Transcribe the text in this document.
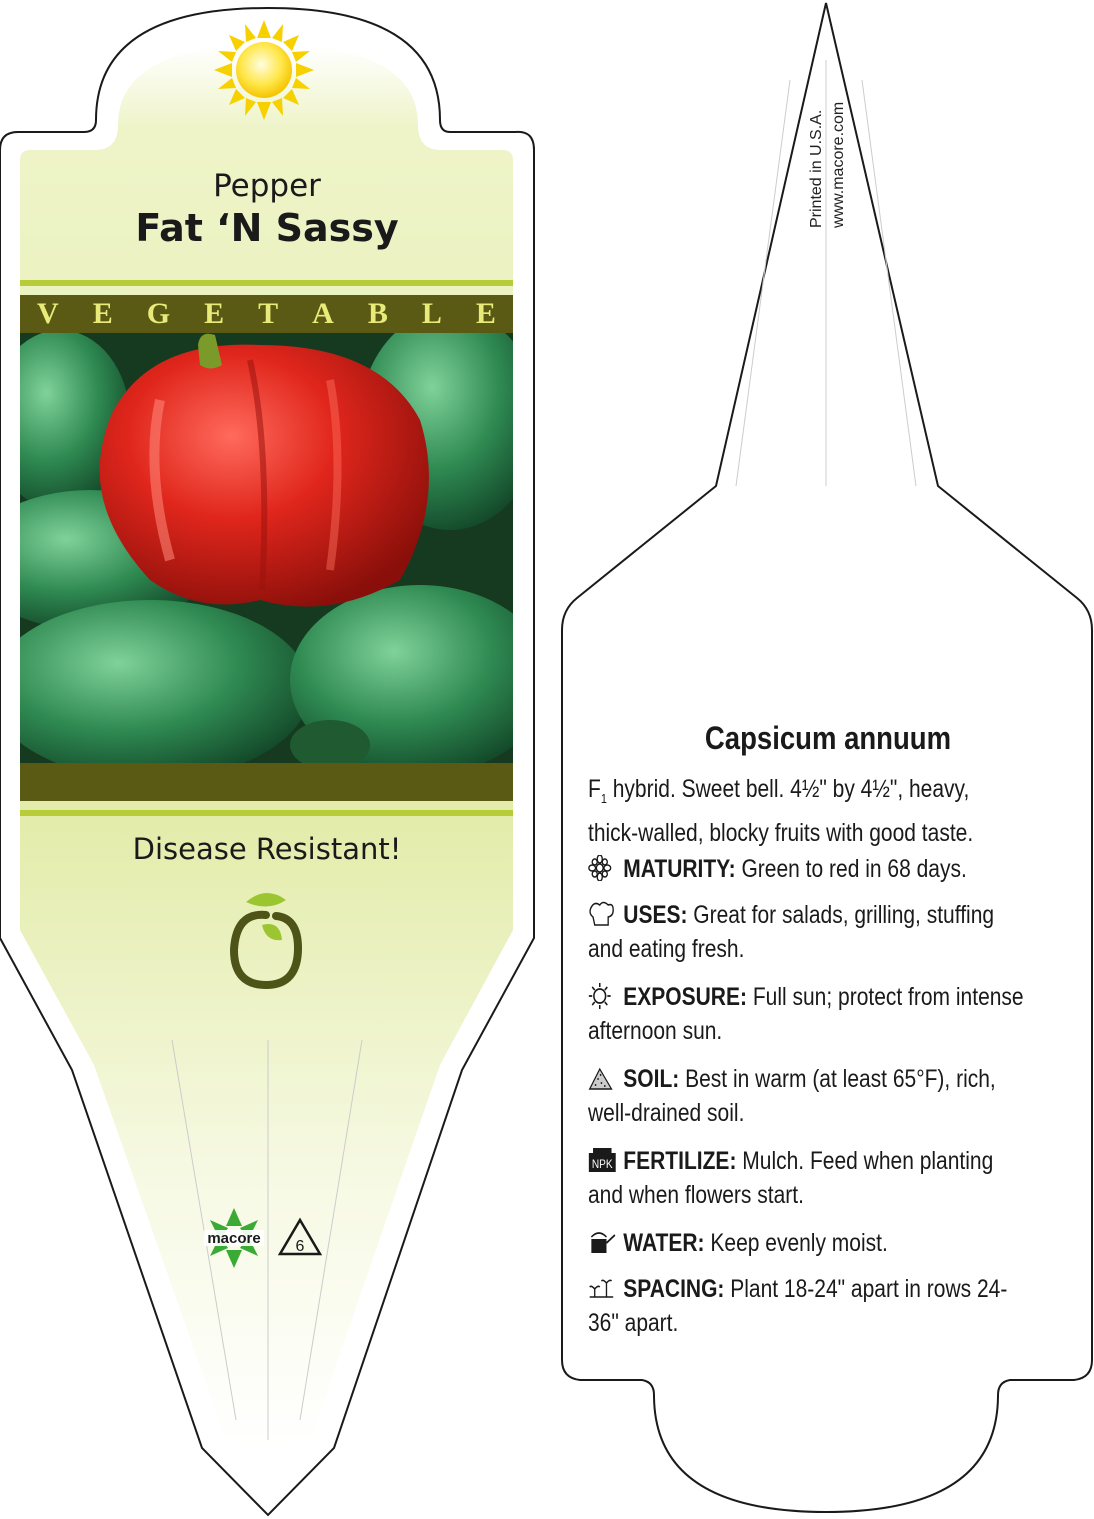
macore 6

Pepper

Fat ‘N Sassy

V E G E T A B L E

Disease Resistant!

Printed in U.S.A. www.macore.com

Capsicum annuum

$F_1$ hybrid. Sweet bell. 4½" by 4½", heavy, thick-walled, blocky fruits with good taste.

MATURITY: Green to red in 68 days.
USES: Great for salads, grilling, stuffing and eating fresh.
EXPOSURE: Full sun; protect from intense afternoon sun.
SOIL: Best in warm (at least 65°F), rich, well-drained soil.
NPK FERTILIZE: Mulch. Feed when planting and when flowers start.
WATER: Keep evenly moist.
SPACING: Plant 18-24" apart in rows 24-36" apart.
